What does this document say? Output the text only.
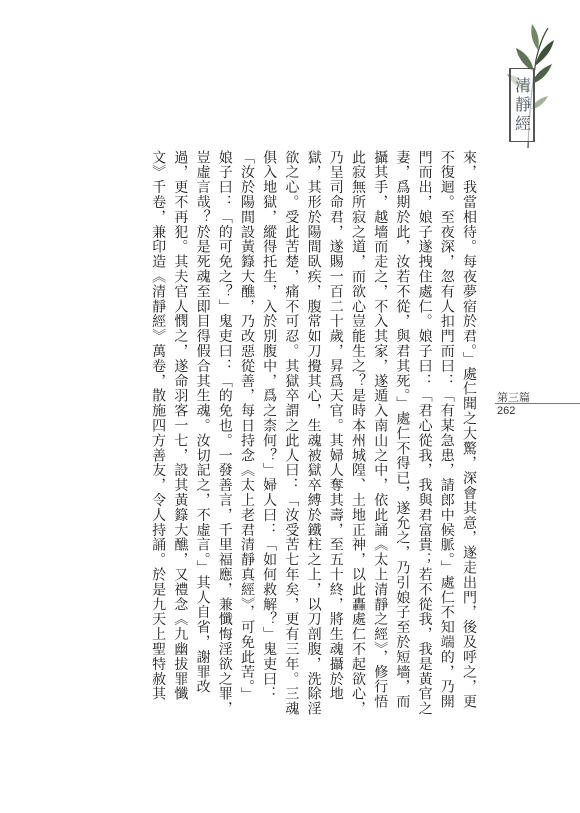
清靜經
第三篇
262

來，我當相待。每夜夢宿於君。」處仁聞之大驚，深會其意，遂走出門，後及呼之，更

不復迴。至夜深，忽有人扣門而曰：「有某急患，請郎中候脈。」處仁不知端的，乃開

門而出，娘子遂拽住處仁。娘子曰：「君心從我，我與君富貴；若不從我，我是黃官之

妻，爲期於此，汝若不從，與君其死。」處仁不得已，遂允之，乃引娘子至於短墻，而

攝其手，越墻而走之，不入其家，遂遁入南山之中，依此誦《太上清靜之經》，修行悟

此寂無所寂之道，而欲心豈能生之？是時本州城隍、土地正神，以此轟處仁不起欲心，

乃呈司命君，遂賜一百二十歲，昇爲天官。其婦人奪其壽，至五十終，將生魂攝於地

獄，其形於陽間臥疾，腹常如刀攪其心，生魂被獄卒縛於鐵柱之上，以刀剖腹，洗除淫

欲之心。受此苦楚，痛不可忍。其獄卒謂之此人曰：「汝受苦七年矣，更有三年。三魂

俱入地獄，縱得托生，入於別腹中，爲之柰何？」婦人曰：「如何救解？」鬼吏曰：

「汝於陽間設黃籙大醮，乃改惡從善，每日持念《太上老君清靜真經》，可免此苦。」

娘子曰：「的可免之？」鬼吏曰：「的免也。一發善言，千里福應，兼懺悔淫欲之罪，

豈虛言哉？於是死魂至即目得假合其生魂。汝切記之，不虛言。」其人自省，謝罪改

過，更不再犯。其夫官人憫之，遂命羽客一七，設其黃籙大醮，又禮念《九幽拔罪懺

文》千卷，兼印造《清靜經》萬卷，散施四方善友，令人持誦。於是九天上聖特赦其
